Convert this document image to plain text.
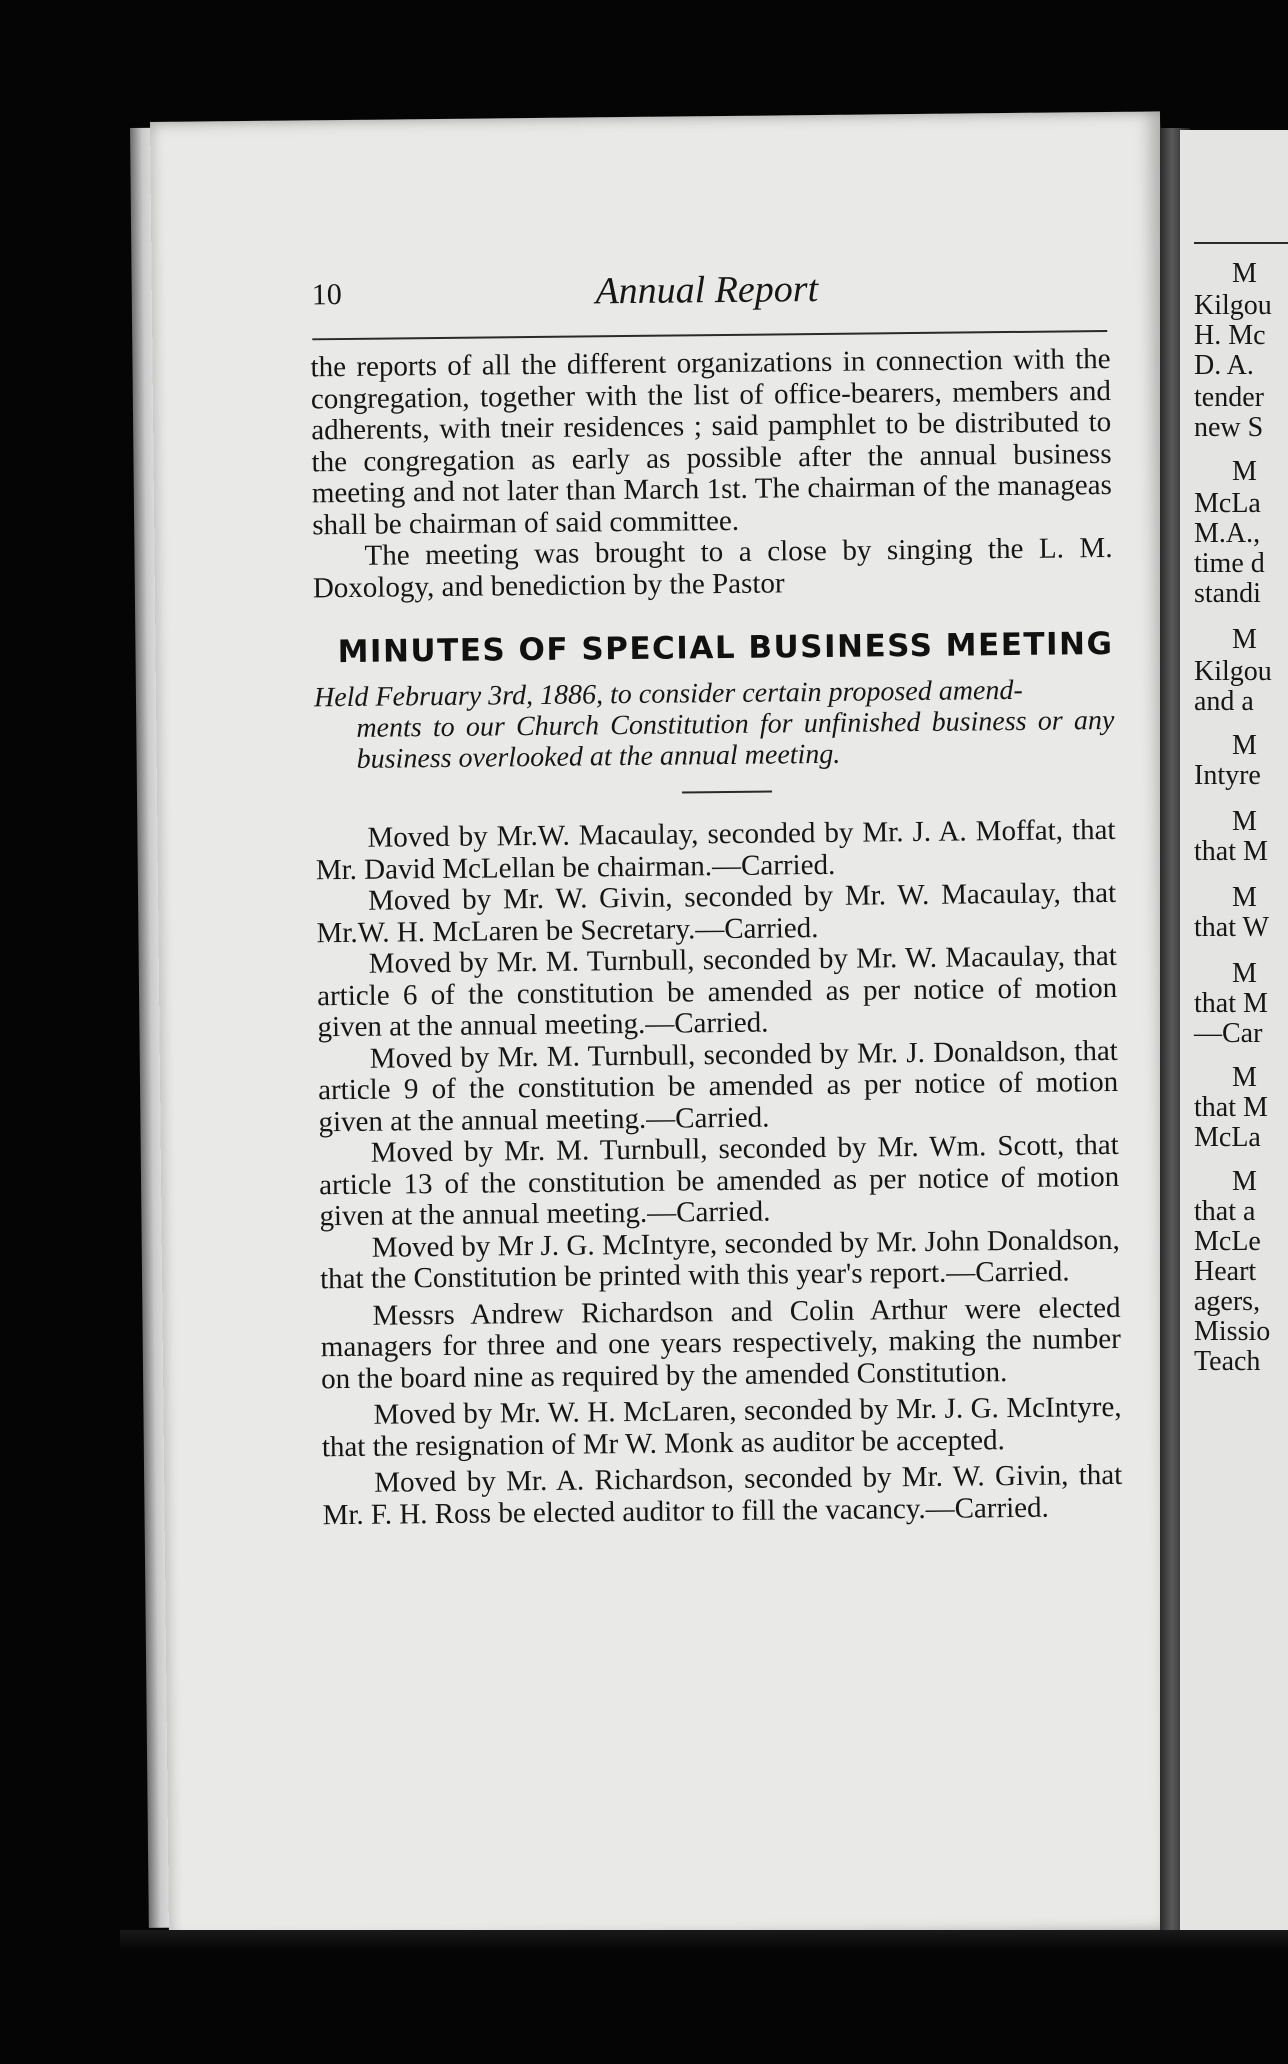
10	Annual Report

the reports of all the different organizations in connection with the congregation, together with the list of office-bearers, members and adherents, with tneir residences ; said pamphlet to be distributed to the congregation as early as possible after the annual business meeting and not later than March 1st. The chairman of the manageas shall be chairman of said committee.

The meeting was brought to a close by singing the L. M. Doxology, and benediction by the Pastor

MINUTES OF SPECIAL BUSINESS MEETING

Held February 3rd, 1886, to consider certain proposed amend-
ments to our Church Constitution for unfinished business or any business overlooked at the annual meeting.

Moved by Mr.W. Macaulay, seconded by Mr. J. A. Moffat, that Mr. David McLellan be chairman.—Carried.

Moved by Mr. W. Givin, seconded by Mr. W. Macaulay, that Mr.W. H. McLaren be Secretary.—Carried.

Moved by Mr. M. Turnbull, seconded by Mr. W. Macaulay, that article 6 of the constitution be amended as per notice of motion given at the annual meeting.—Carried.

Moved by Mr. M. Turnbull, seconded by Mr. J. Donaldson, that article 9 of the constitution be amended as per notice of motion given at the annual meeting.—Carried.

Moved by Mr. M. Turnbull, seconded by Mr. Wm. Scott, that article 13 of the constitution be amended as per notice of motion given at the annual meeting.—Carried.

Moved by Mr J. G. McIntyre, seconded by Mr. John Donaldson, that the Constitution be printed with this year's report.—Carried.

Messrs Andrew Richardson and Colin Arthur were elected managers for three and one years respectively, making the number on the board nine as required by the amended Constitution.

Moved by Mr. W. H. McLaren, seconded by Mr. J. G. McIntyre, that the resignation of Mr W. Monk as auditor be accepted.

Moved by Mr. A. Richardson, seconded by Mr. W. Givin, that Mr. F. H. Ross be elected auditor to fill the vacancy.—Carried.

M
Kilgou
H. Mc
D. A.
tender
new S
M
McLa
M.A.,
time d
standi
M
Kilgou
and a
M
Intyre
M
that M
M
that W
M
that M
—Car
M
that M
McLa
M
that a
McLe
Heart
agers,
Missio
Teach
